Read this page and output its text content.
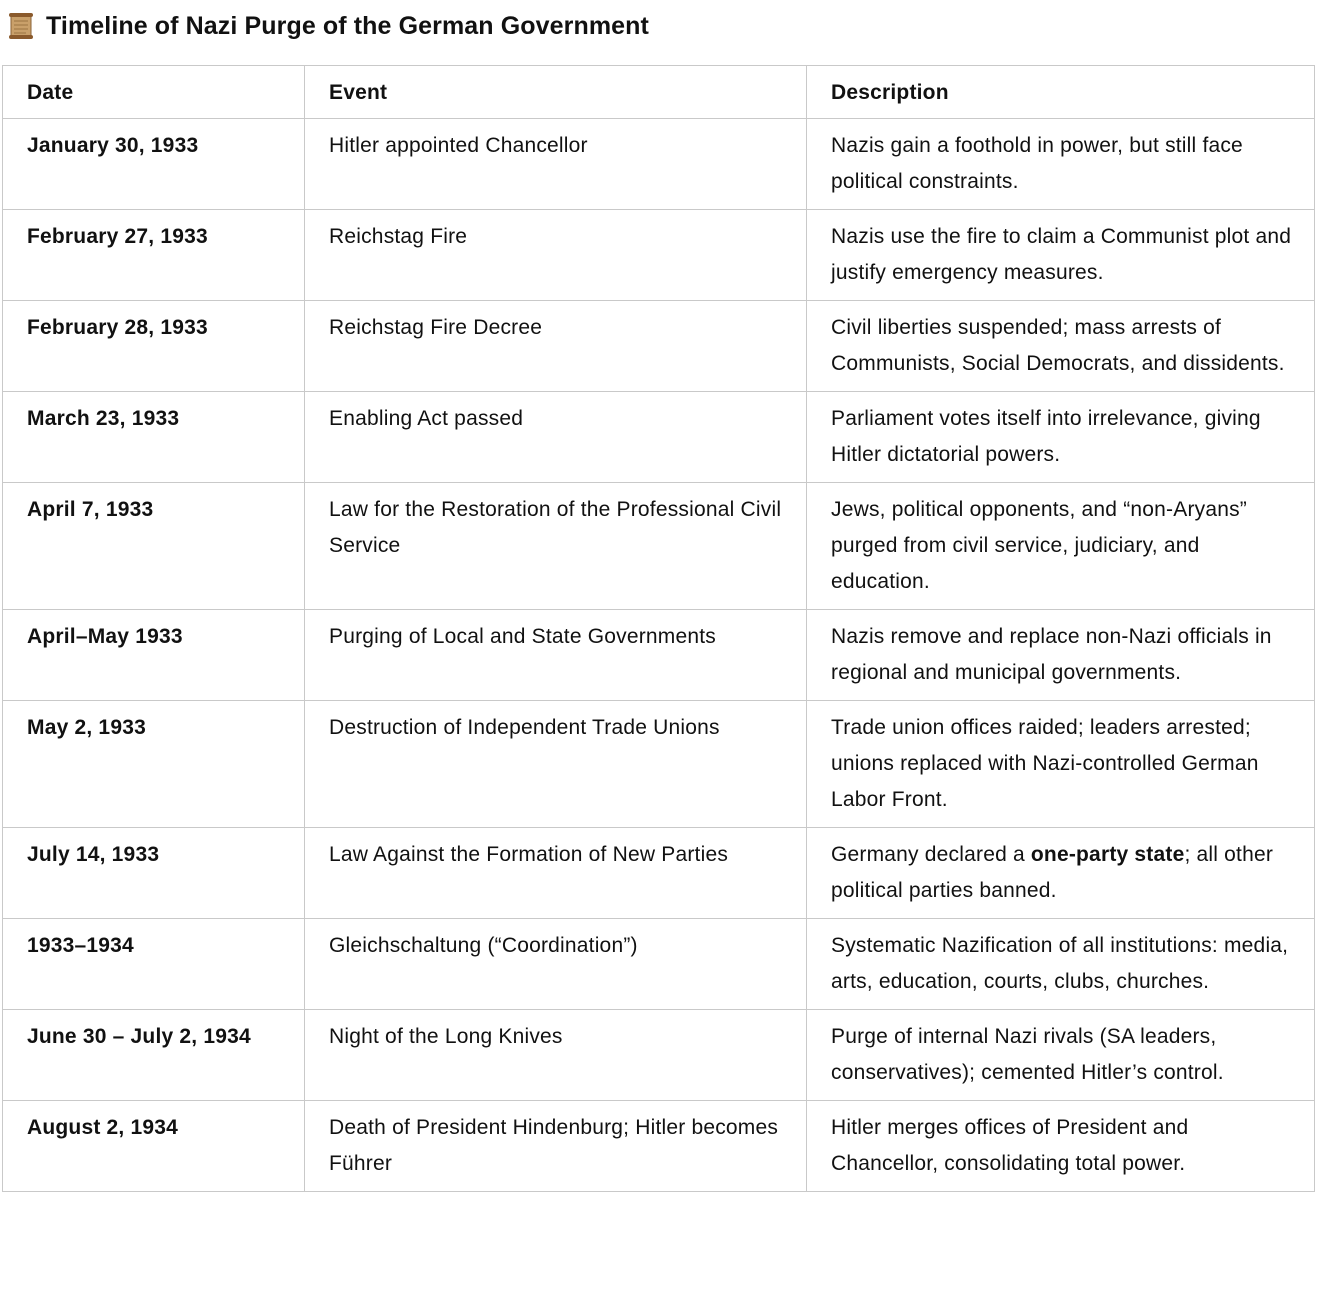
Timeline of Nazi Purge of the German Government
Date	Event	Description
January 30, 1933	Hitler appointed Chancellor	Nazis gain a foothold in power, but still face political constraints.
February 27, 1933	Reichstag Fire	Nazis use the fire to claim a Communist plot and justify emergency measures.
February 28, 1933	Reichstag Fire Decree	Civil liberties suspended; mass arrests of Communists, Social Democrats, and dissidents.
March 23, 1933	Enabling Act passed	Parliament votes itself into irrelevance, giving Hitler dictatorial powers.
April 7, 1933	Law for the Restoration of the Professional Civil Service	Jews, political opponents, and “non-Aryans” purged from civil service, judiciary, and education.
April–May 1933	Purging of Local and State Governments	Nazis remove and replace non-Nazi officials in regional and municipal governments.
May 2, 1933	Destruction of Independent Trade Unions	Trade union offices raided; leaders arrested; unions replaced with Nazi-controlled German Labor Front.
July 14, 1933	Law Against the Formation of New Parties	Germany declared a one-party state; all other political parties banned.
1933–1934	Gleichschaltung (“Coordination”)	Systematic Nazification of all institutions: media, arts, education, courts, clubs, churches.
June 30 – July 2, 1934	Night of the Long Knives	Purge of internal Nazi rivals (SA leaders, conservatives); cemented Hitler’s control.
August 2, 1934	Death of President Hindenburg; Hitler becomes Führer	Hitler merges offices of President and Chancellor, consolidating total power.
